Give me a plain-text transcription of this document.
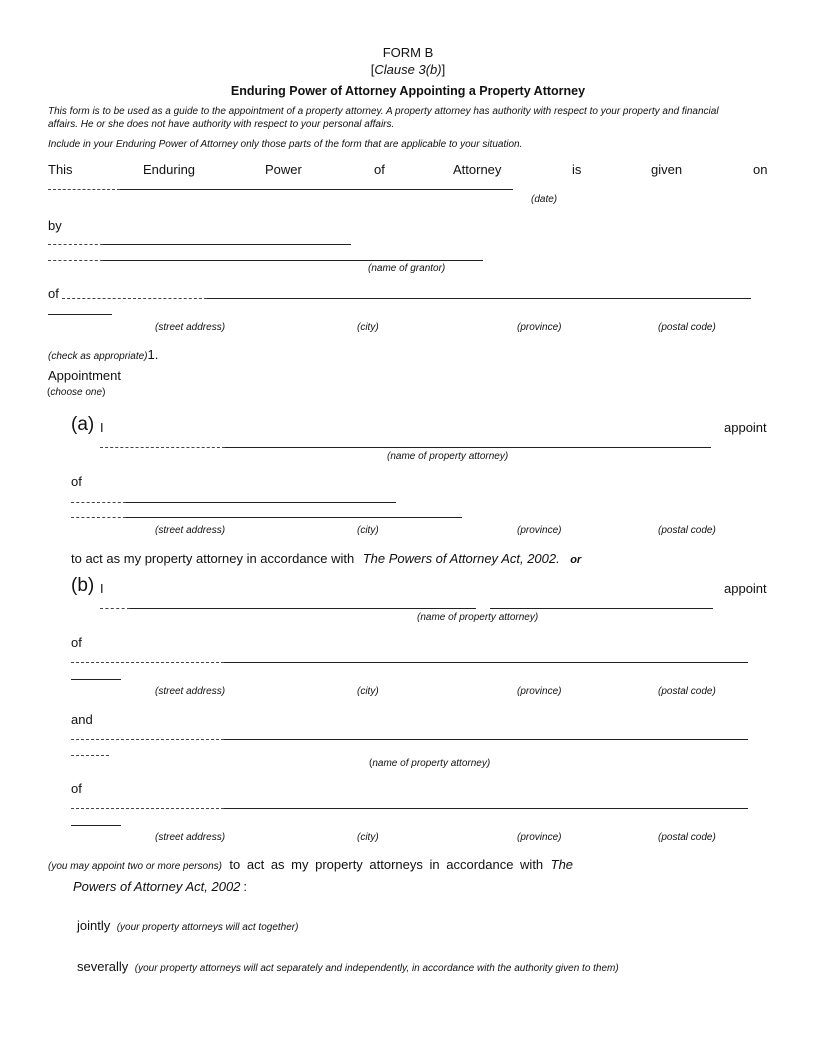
FORM B
[Clause 3(b)]
Enduring Power of Attorney Appointing a Property Attorney
This form is to be used as a guide to the appointment of a property attorney. A property attorney has authority with respect to your property and financial
affairs. He or she does not have authority with respect to your personal affairs.
Include in your Enduring Power of Attorney only those parts of the form that are applicable to your situation.
This	Enduring	Power	of	Attorney	is	given	on
(date)
by
(name of grantor)
of
(street address)	(city)	(province)	(postal code)
(check as appropriate)1.
Appointment
(choose one)
(a) I	appoint
(name of property attorney)
of
(street address)	(city)	(province)	(postal code)
to act as my property attorney in accordance with The Powers of Attorney Act, 2002. or
(b) I	appoint
(name of property attorney)
of
(street address)	(city)	(province)	(postal code)
and
(name of property attorney)
of
(street address)	(city)	(province)	(postal code)
(you may appoint two or more persons) to act as my property attorneys in accordance with The
Powers of Attorney Act, 2002 :
jointly (your property attorneys will act together)
severally (your property attorneys will act separately and independently, in accordance with the authority given to them)
